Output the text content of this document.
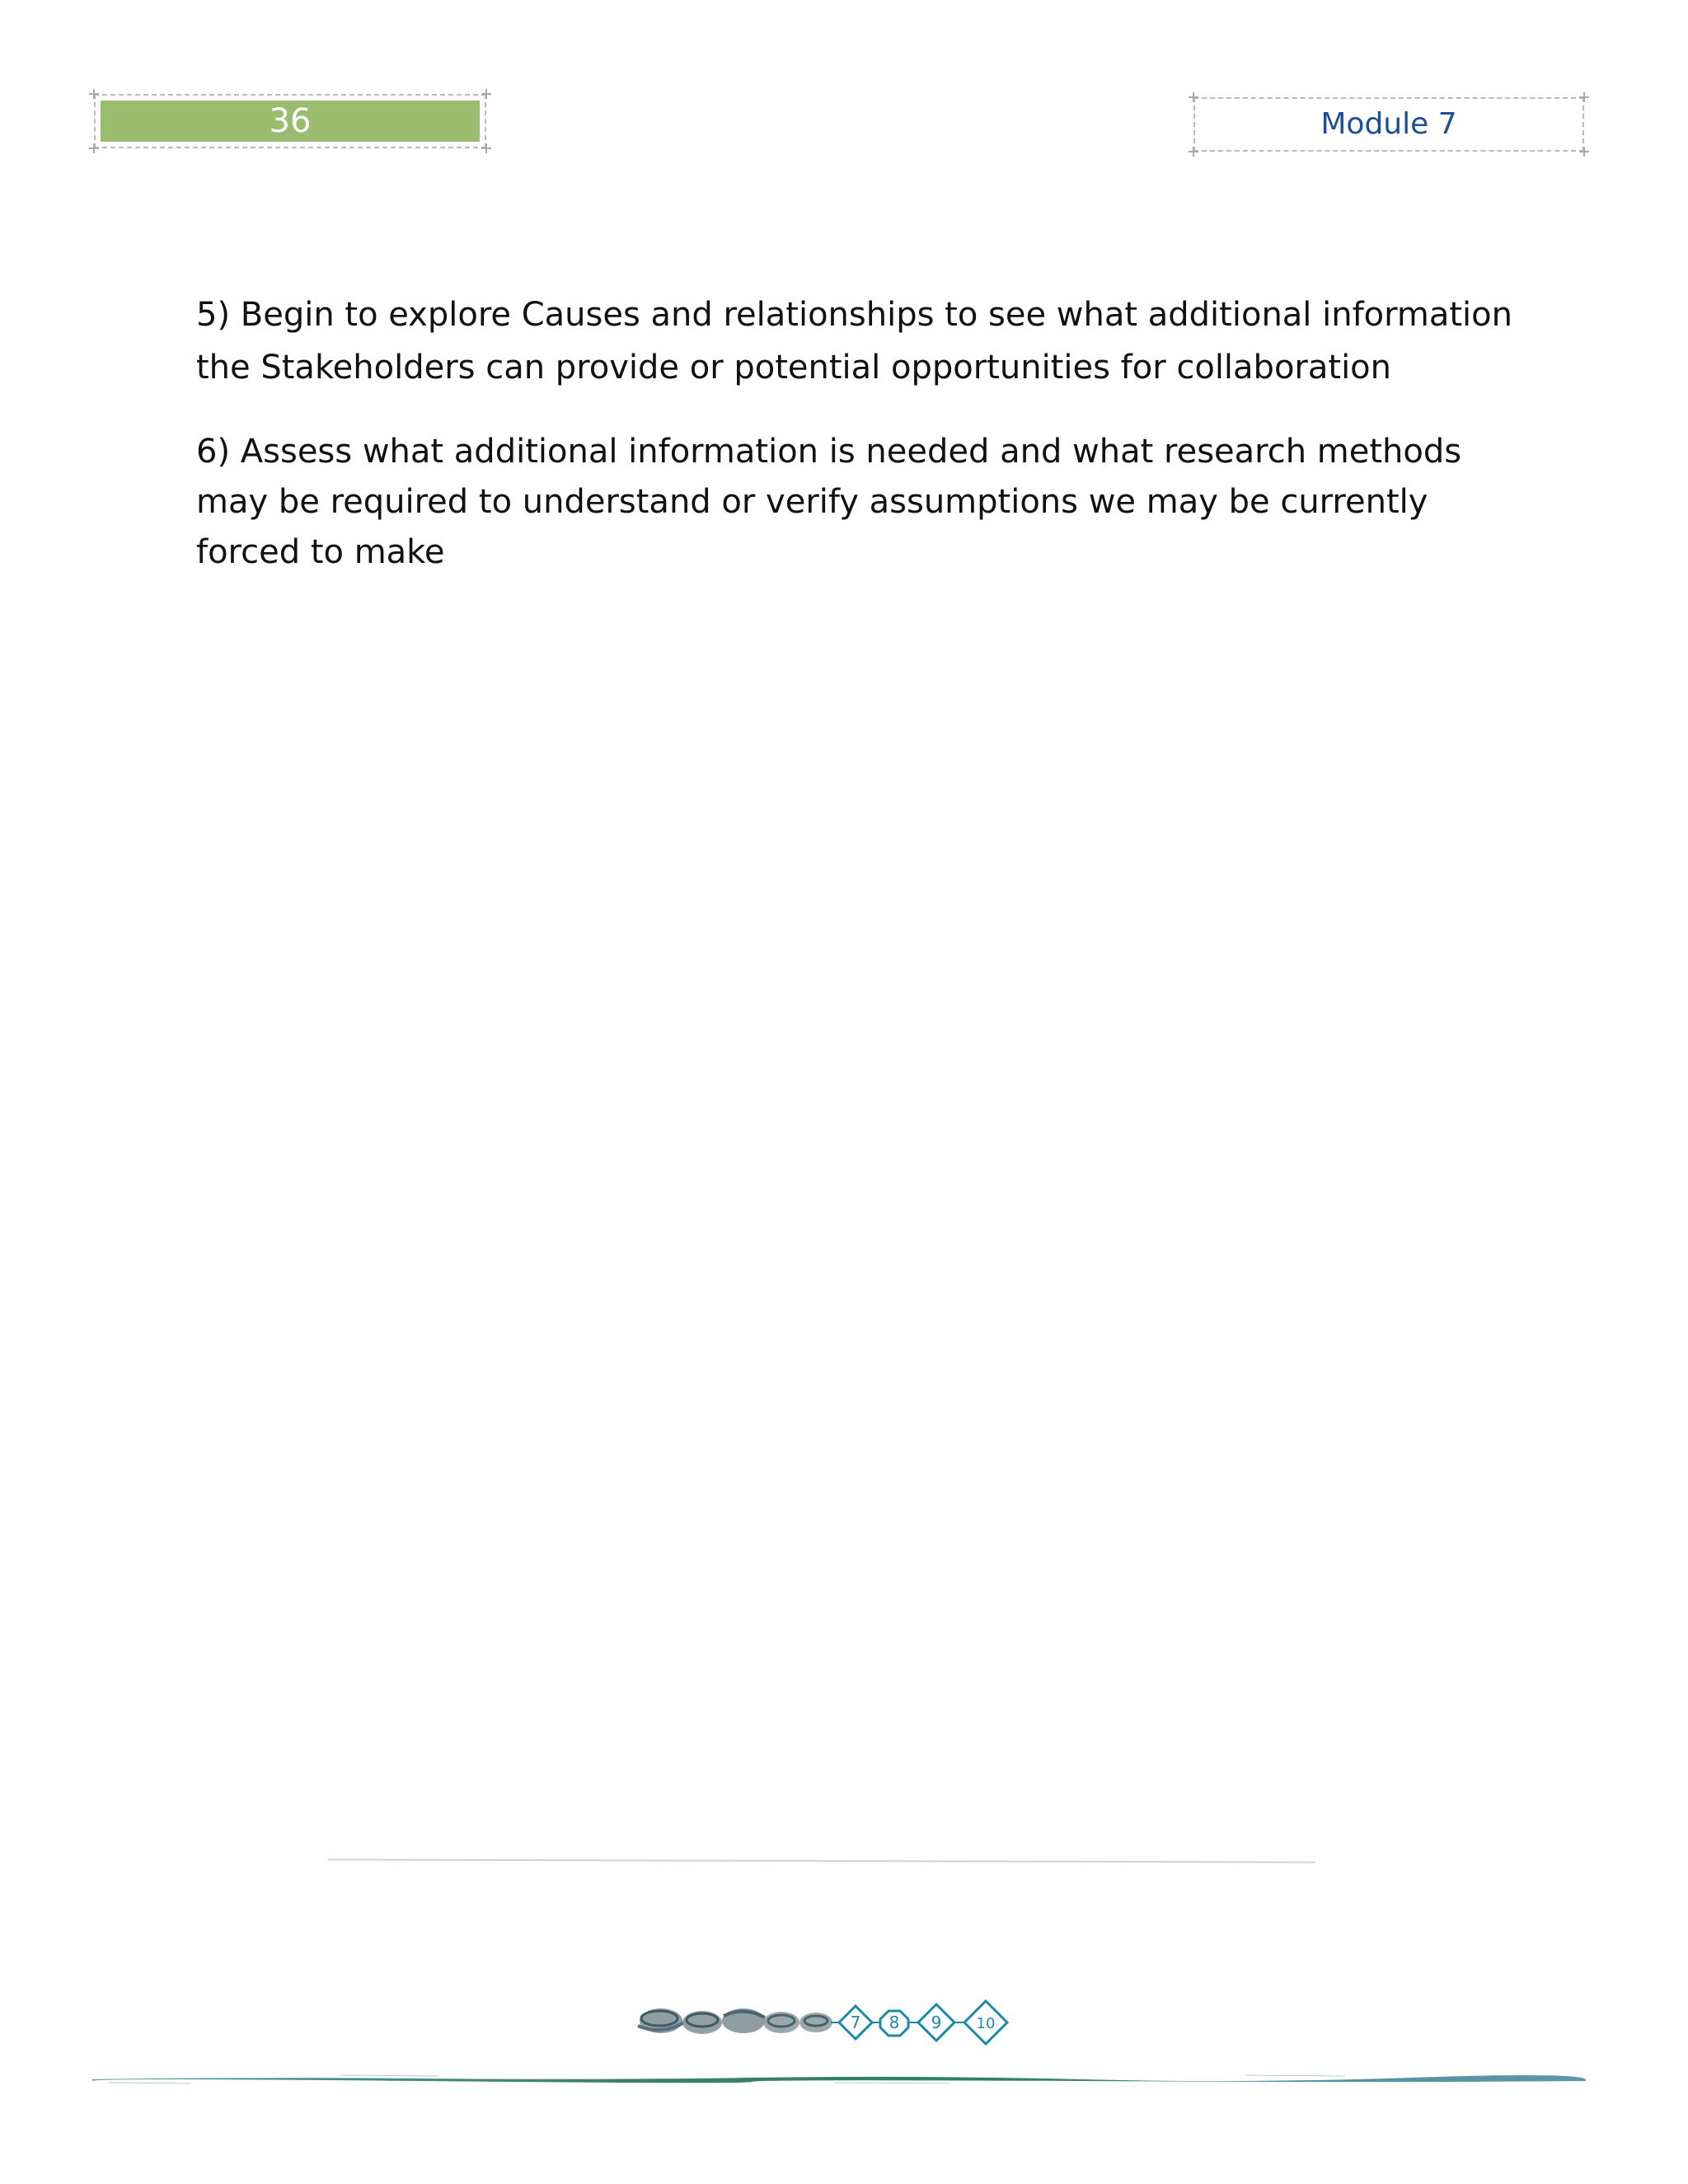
36	Module 7

5) Begin to explore Causes and relationships to see what additional information the Stakeholders can provide or potential opportunities for collaboration

6) Assess what additional information is needed and what research methods may be required to understand or verify assumptions we may be currently forced to make

7 8 9 10
